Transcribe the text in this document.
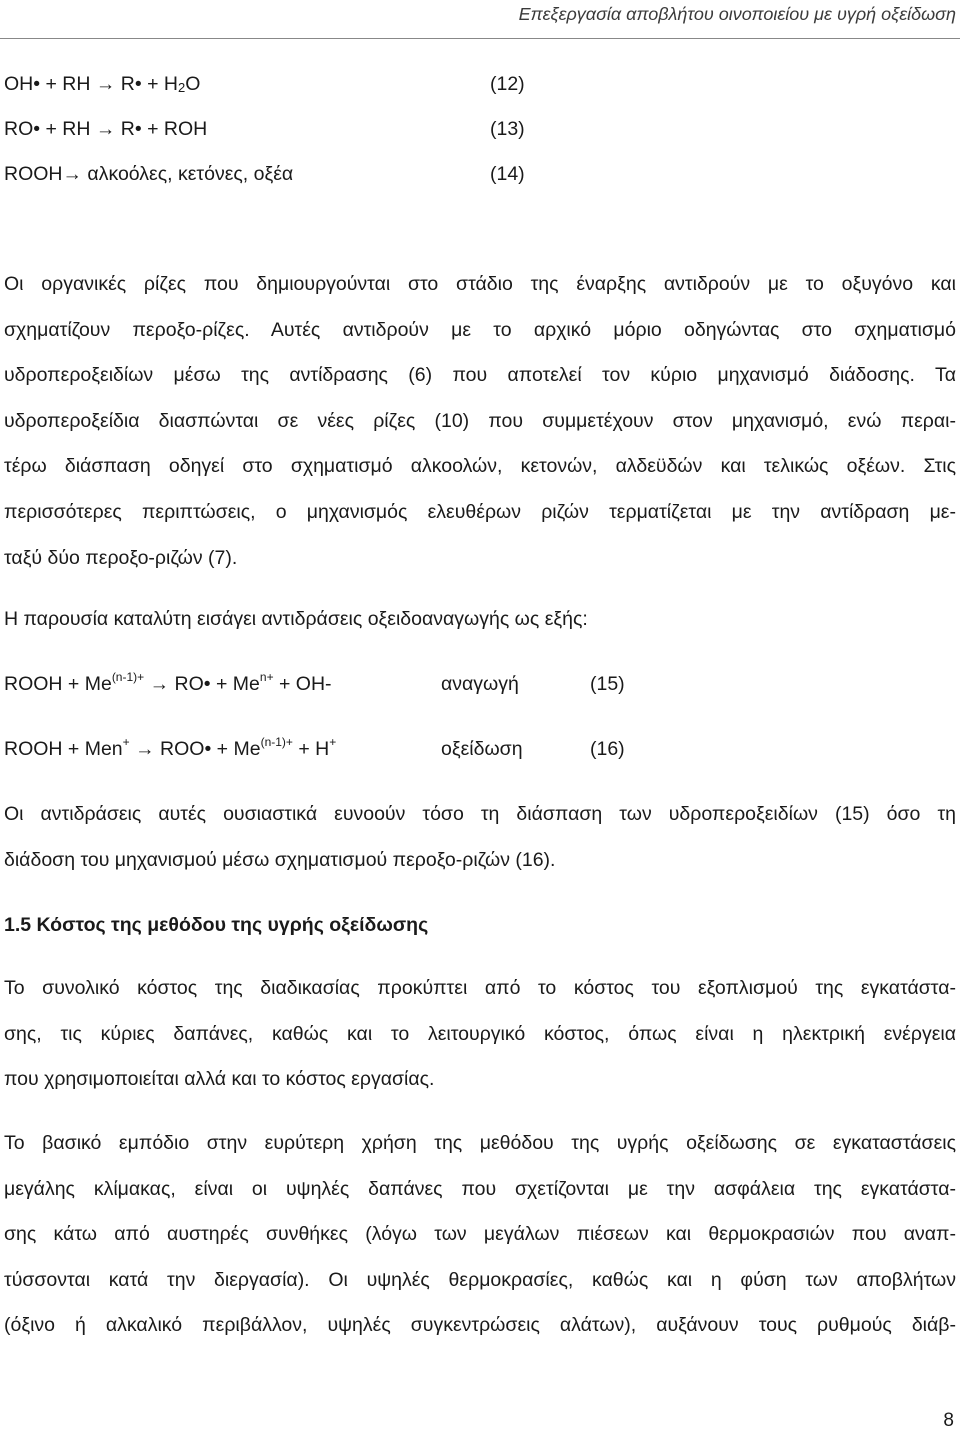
Επεξεργασία αποβλήτου οινοποιείου με υγρή οξείδωση
OH• + RH → R• + $H_2O$	(12)
RO• + RH → R• + ROH	(13)
ROOH→ αλκοόλες, κετόνες, οξέα	(14)
Οι οργανικές ρίζες που δημιουργούνται στο στάδιο της έναρξης αντιδρούν με το οξυγόνο και
σχηματίζουν περοξο-ρίζες. Αυτές αντιδρούν με το αρχικό μόριο οδηγώντας στο σχηματισμό
υδροπεροξειδίων μέσω της αντίδρασης (6) που αποτελεί τον κύριο μηχανισμό διάδοσης. Τα
υδροπεροξείδια διασπώνται σε νέες ρίζες (10) που συμμετέχουν στον μηχανισμό, ενώ περαι-
τέρω διάσπαση οδηγεί στο σχηματισμό αλκοολών, κετονών, αλδεϋδών και τελικώς οξέων. Στις
περισσότερες περιπτώσεις, ο μηχανισμός ελευθέρων ριζών τερματίζεται με την αντίδραση με-
ταξύ δύο περοξο-ριζών (7).
Η παρουσία καταλύτη εισάγει αντιδράσεις οξειδοαναγωγής ως εξής:
ROOH + $Me^{(n-1)+}$ → RO• + $Me^{n+} + OH-$	αναγωγή	(15)
ROOH + Men+ → ROO• + $Me^{(n-1)+} + H^+$	οξείδωση	(16)
Οι αντιδράσεις αυτές ουσιαστικά ευνοούν τόσο τη διάσπαση των υδροπεροξειδίων (15) όσο τη
διάδοση του μηχανισμού μέσω σχηματισμού περοξο-ριζών (16).
1.5 Κόστος της μεθόδου της υγρής οξείδωσης
Το συνολικό κόστος της διαδικασίας προκύπτει από το κόστος του εξοπλισμού της εγκατάστα-
σης, τις κύριες δαπάνες, καθώς και το λειτουργικό κόστος, όπως είναι η ηλεκτρική ενέργεια
που χρησιμοποιείται αλλά και το κόστος εργασίας.
Το βασικό εμπόδιο στην ευρύτερη χρήση της μεθόδου της υγρής οξείδωσης σε εγκαταστάσεις
μεγάλης κλίμακας, είναι οι υψηλές δαπάνες που σχετίζονται με την ασφάλεια της εγκατάστα-
σης κάτω από αυστηρές συνθήκες (λόγω των μεγάλων πιέσεων και θερμοκρασιών που αναπ-
τύσσονται κατά την διεργασία). Οι υψηλές θερμοκρασίες, καθώς και η φύση των αποβλήτων
(όξινο ή αλκαλικό περιβάλλον, υψηλές συγκεντρώσεις αλάτων), αυξάνουν τους ρυθμούς διάβ-
8
